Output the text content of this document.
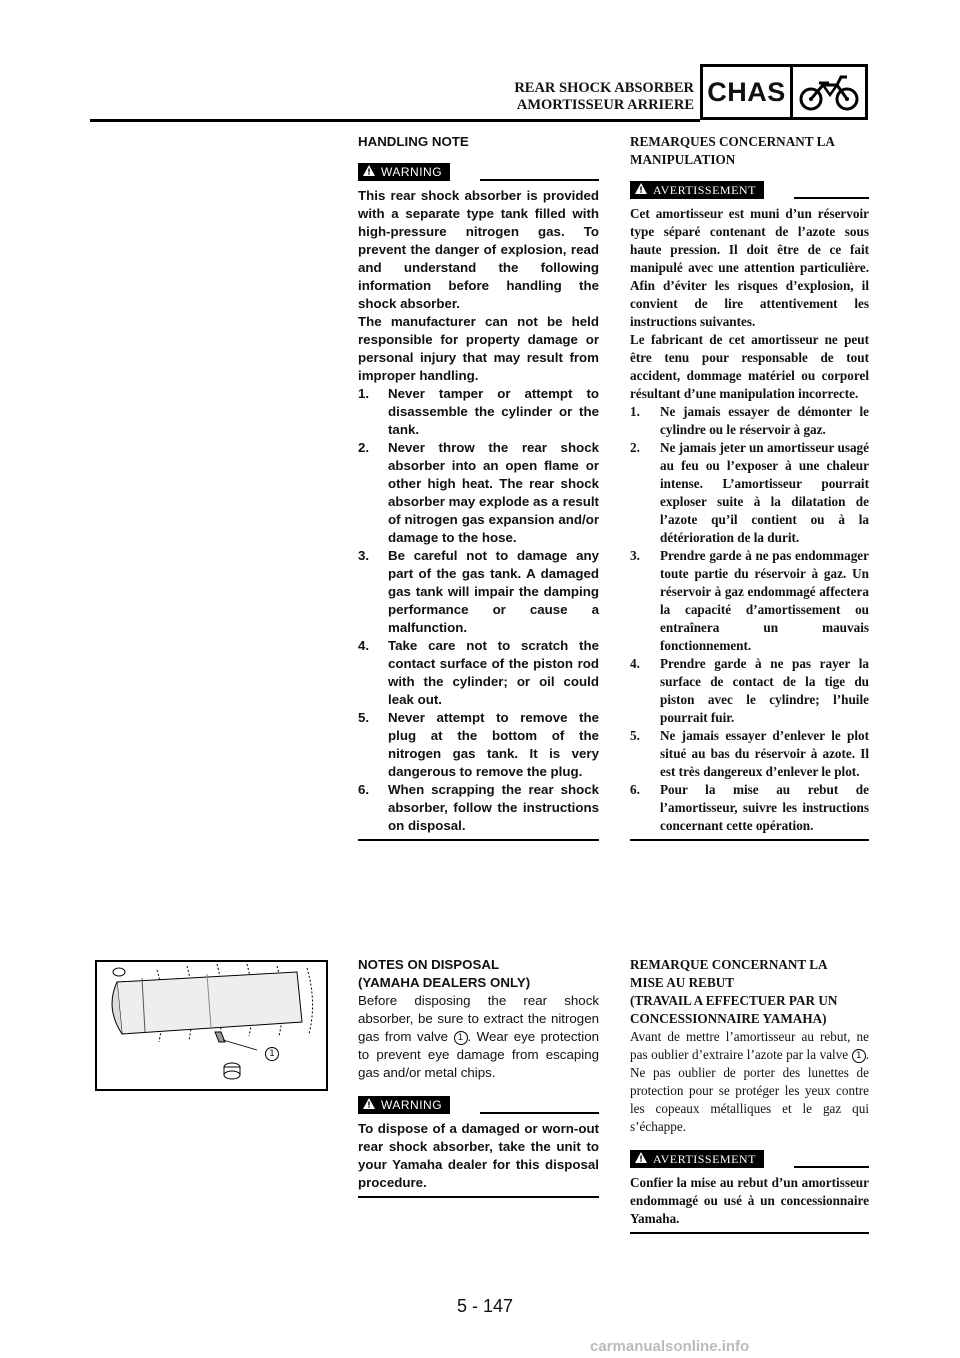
REAR SHOCK ABSORBER
AMORTISSEUR ARRIERE CHAS

HANDLING NOTE

WARNING

This rear shock absorber is provided with a separate type tank filled with high-pressure nitrogen gas. To prevent the danger of explosion, read and understand the following information before handling the shock absorber.

The manufacturer can not be held responsible for property damage or personal injury that may result from improper handling.

1. Never tamper or attempt to disassemble the cylinder or the tank.
2. Never throw the rear shock absorber into an open flame or other high heat. The rear shock absorber may explode as a result of nitrogen gas expansion and/or damage to the hose.
3. Be careful not to damage any part of the gas tank. A damaged gas tank will impair the damping performance or cause a malfunction.
4. Take care not to scratch the contact surface of the piston rod with the cylinder; or oil could leak out.
5. Never attempt to remove the plug at the bottom of the nitrogen gas tank. It is very dangerous to remove the plug.
6. When scrapping the rear shock absorber, follow the instructions on disposal.

REMARQUES CONCERNANT LA MANIPULATION

AVERTISSEMENT

Cet amortisseur est muni d’un réservoir type séparé contenant de l’azote sous haute pression. Il doit être de ce fait manipulé avec une attention particulière. Afin d’éviter les risques d’explosion, il convient de lire attentivement les instructions suivantes.

Le fabricant de cet amortisseur ne peut être tenu pour responsable de tout accident, dommage matériel ou corporel résultant d’une manipulation incorrecte.

1. Ne jamais essayer de démonter le cylindre ou le réservoir à gaz.
2. Ne jamais jeter un amortisseur usagé au feu ou l’exposer à une chaleur intense. L’amortisseur pourrait exploser suite à la dilatation de l’azote qu’il contient ou à la détérioration de la durit.
3. Prendre garde à ne pas endommager toute partie du réservoir à gaz. Un réservoir à gaz endommagé affectera la capacité d’amortissement ou entraînera un mauvais fonctionnement.
4. Prendre garde à ne pas rayer la surface de contact de la tige du piston avec le cylindre; l’huile pourrait fuir.
5. Ne jamais essayer d’enlever le plot situé au bas du réservoir à azote. Il est très dangereux d’enlever le plot.
6. Pour la mise au rebut de l’amortisseur, suivre les instructions concernant cette opération.
1

NOTES ON DISPOSAL

(YAMAHA DEALERS ONLY)

Before disposing the rear shock absorber, be sure to extract the nitrogen gas from valve 1 . Wear eye protection to prevent eye damage from escaping gas and/or metal chips.

WARNING

To dispose of a damaged or worn-out rear shock absorber, take the unit to your Yamaha dealer for this disposal procedure.

REMARQUE CONCERNANT LA

MISE AU REBUT

(TRAVAIL A EFFECTUER PAR UN

CONCESSIONNAIRE YAMAHA)

Avant de mettre l’amortisseur au rebut, ne pas oublier d’extraire l’azote par la valve 1 . Ne pas oublier de porter des lunettes de protection pour se protéger les yeux contre les copeaux métalliques et le gaz qui s’échappe.

AVERTISSEMENT

Confier la mise au rebut d’un amortisseur endommagé ou usé à un concessionnaire Yamaha.

5 - 147
carmanualsonline.info
